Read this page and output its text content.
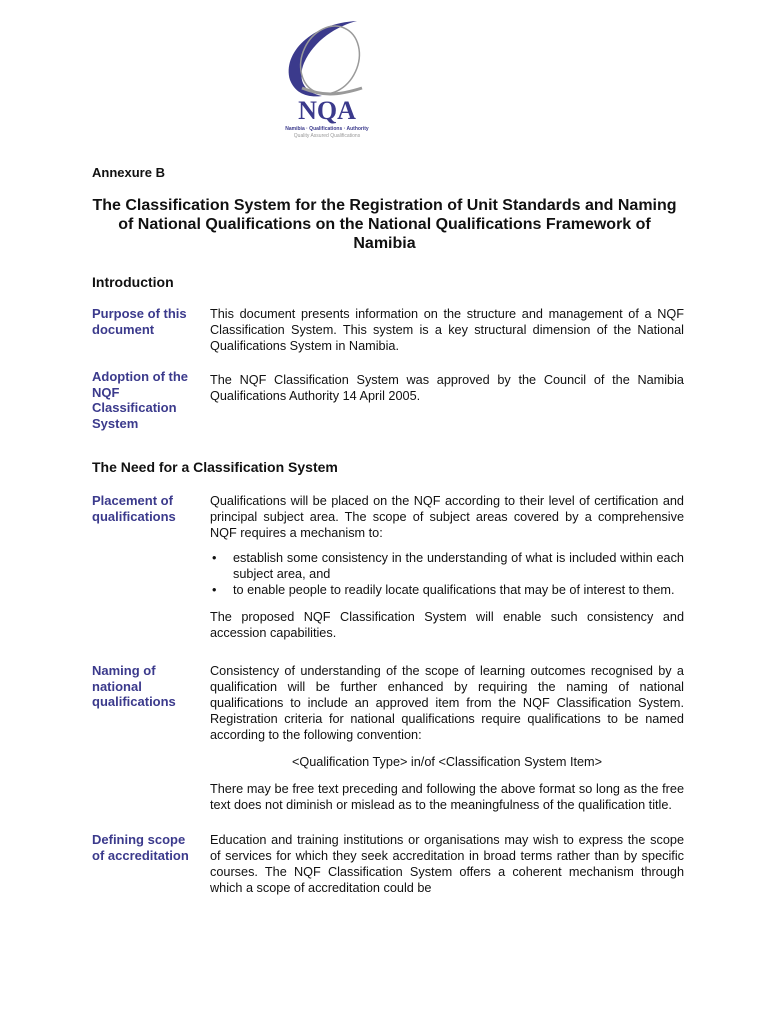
NQA
Namibia · Qualifications · Authority
Quality Assured Qualifications
Annexure B
The Classification System for the Registration of Unit Standards and Naming of National Qualifications on the National Qualifications Framework of Namibia
Introduction
Purpose of this document
This document presents information on the structure and management of a NQF Classification System. This system is a key structural dimension of the National Qualifications System in Namibia.
Adoption of the NQF Classification System
The NQF Classification System was approved by the Council of the Namibia Qualifications Authority 14 April 2005.
The Need for a Classification System
Placement of qualifications
Qualifications will be placed on the NQF according to their level of certification and principal subject area. The scope of subject areas covered by a comprehensive NQF requires a mechanism to:
• establish some consistency in the understanding of what is included within each subject area, and
• to enable people to readily locate qualifications that may be of interest to them.
The proposed NQF Classification System will enable such consistency and accession capabilities.
Naming of national qualifications
Consistency of understanding of the scope of learning outcomes recognised by a qualification will be further enhanced by requiring the naming of national qualifications to include an approved item from the NQF Classification System. Registration criteria for national qualifications require qualifications to be named according to the following convention:
<Qualification Type> in/of <Classification System Item>
There may be free text preceding and following the above format so long as the free text does not diminish or mislead as to the meaningfulness of the qualification title.
Defining scope of accreditation
Education and training institutions or organisations may wish to express the scope of services for which they seek accreditation in broad terms rather than by specific courses. The NQF Classification System offers a coherent mechanism through which a scope of accreditation could be
